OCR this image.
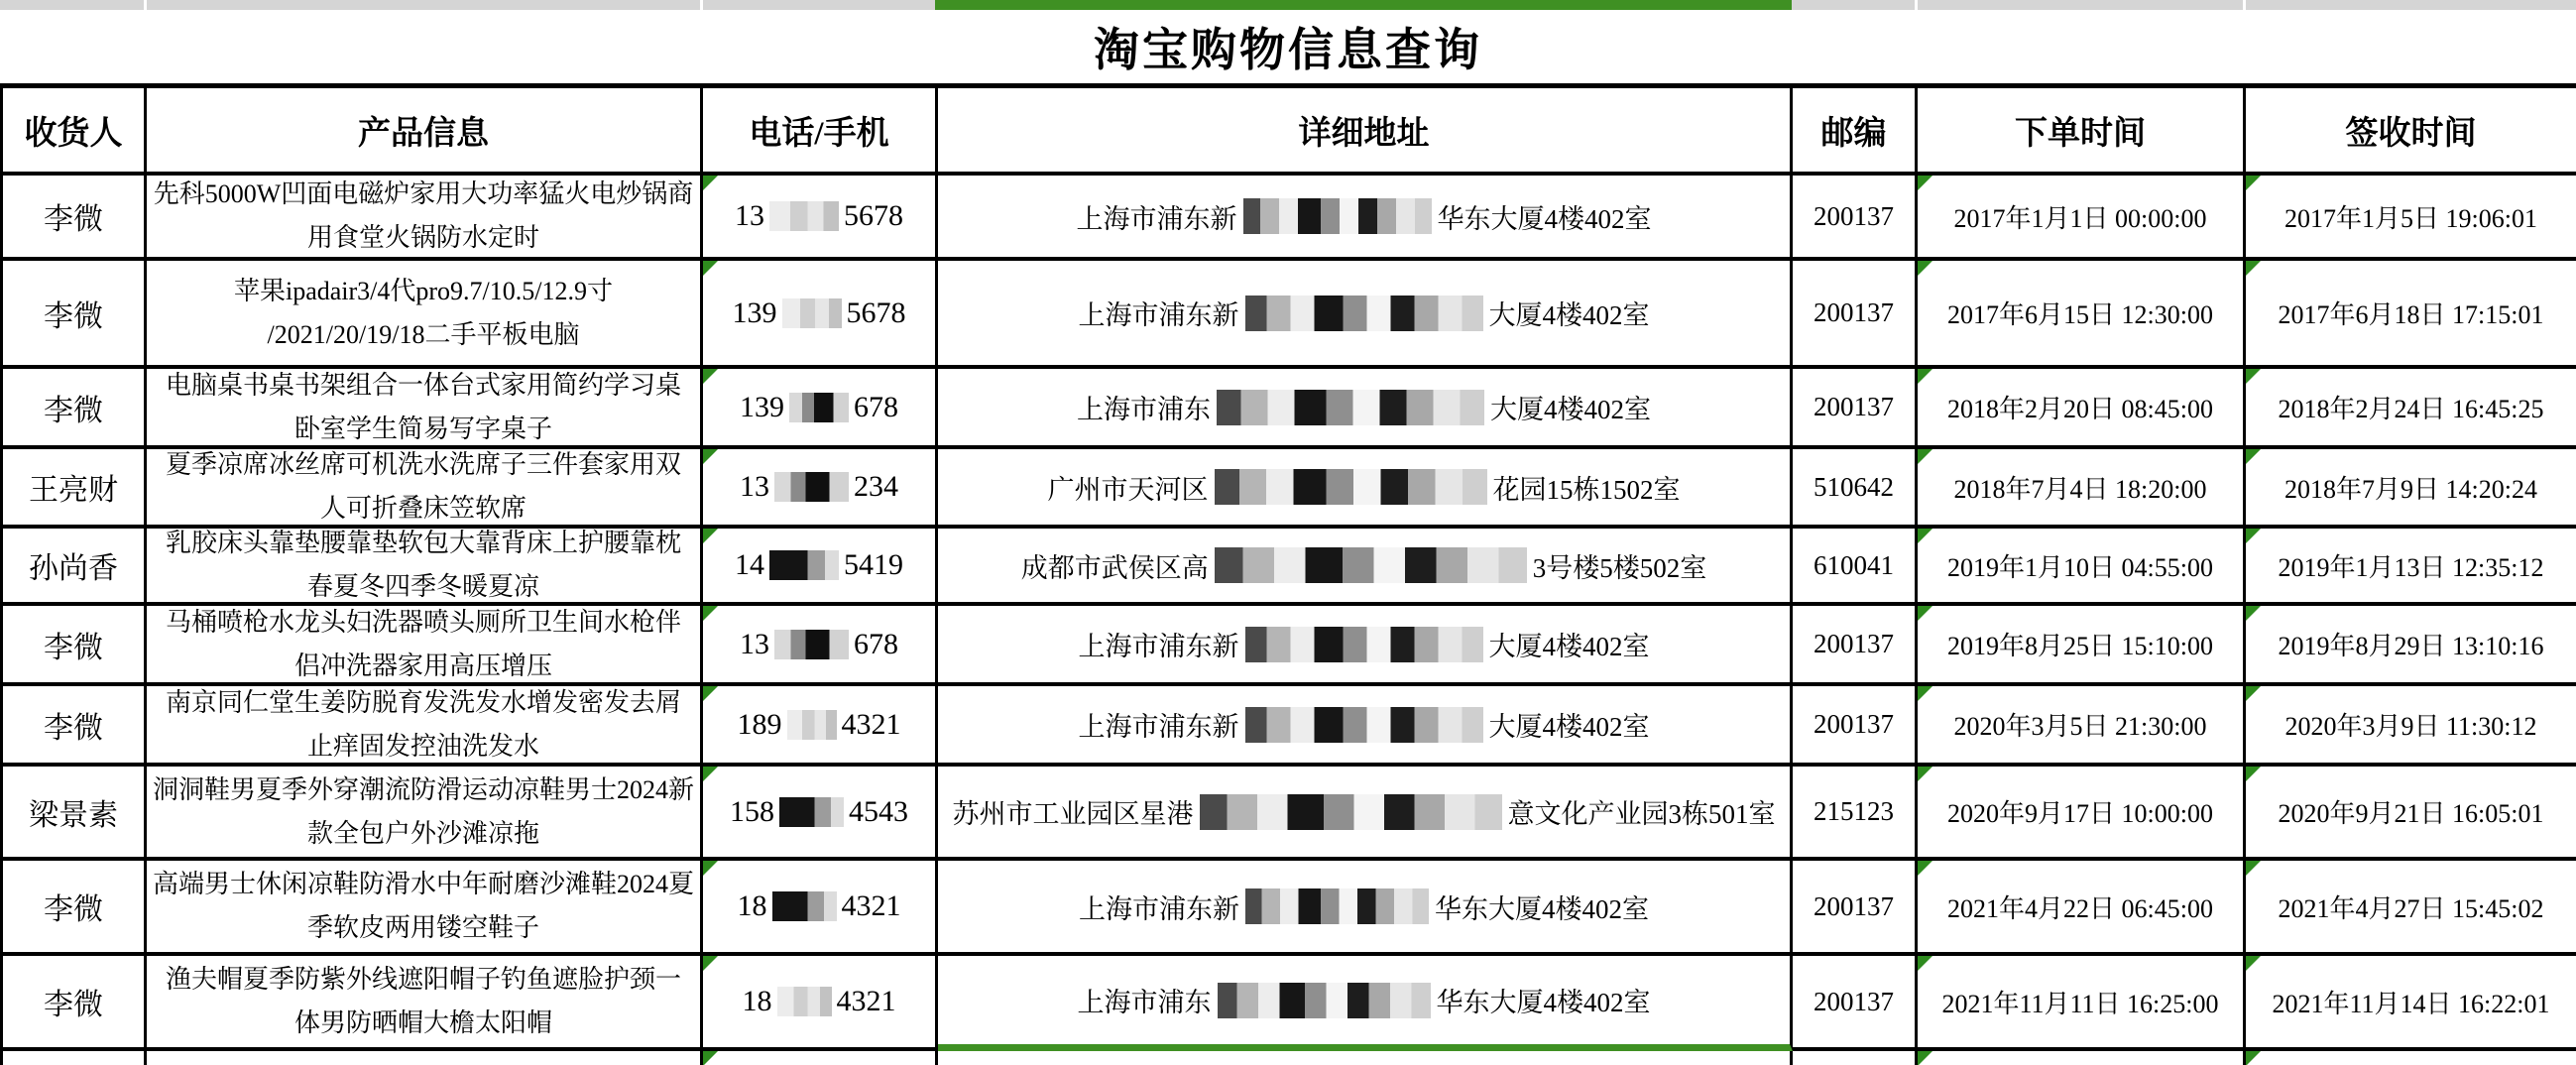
淘宝购物信息查询
收货人	产品信息	电话/手机	详细地址	邮编	下单时间	签收时间
李微
先科5000W凹面电磁炉家用大功率猛火电炒锅商
用食堂火锅防水定时
13	5678	上海市浦东新	华东大厦4楼402室	200137 2017年1月1日 00:00:00	2017年1月5日 19:06:01
李微
苹果ipadair3/4代pro9.7/10.5/12.9寸
/2021/20/19/18二手平板电脑
139 5678	上海市浦东新	大厦4楼402室	200137 2017年6月15日 12:30:00	2017年6月18日 17:15:01
李微
电脑桌书桌书架组合一体台式家用简约学习桌
卧室学生简易写字桌子
139 678	上海市浦东	大厦4楼402室	200137 2018年2月20日 08:45:00	2018年2月24日 16:45:25
王亮财
夏季凉席冰丝席可机洗水洗席子三件套家用双
人可折叠床笠软席
13	234	广州市天河区	花园15栋1502室	510642 2018年7月4日 18:20:00	2018年7月9日 14:20:24
孙尚香
乳胶床头靠垫腰靠垫软包大靠背床上护腰靠枕
春夏冬四季冬暖夏凉
14	5419	成都市武侯区高	3号楼5楼502室	610041 2019年1月10日 04:55:00	2019年1月13日 12:35:12
李微
马桶喷枪水龙头妇洗器喷头厕所卫生间水枪伴
侣冲洗器家用高压增压
13	678	上海市浦东新	大厦4楼402室	200137 2019年8月25日 15:10:00	2019年8月29日 13:10:16
李微
南京同仁堂生姜防脱育发洗发水增发密发去屑
止痒固发控油洗发水
189 4321	上海市浦东新	大厦4楼402室	200137 2020年3月5日 21:30:00	2020年3月9日 11:30:12
梁景素
洞洞鞋男夏季外穿潮流防滑运动凉鞋男士2024新
款全包户外沙滩凉拖
158	4543 苏州市工业园区星港	意文化产业园3栋501室 215123 2020年9月17日 10:00:00	2020年9月21日 16:05:01
李微
高端男士休闲凉鞋防滑水中年耐磨沙滩鞋2024夏
季软皮两用镂空鞋子
18	4321	上海市浦东新	华东大厦4楼402室	200137 2021年4月22日 06:45:00	2021年4月27日 15:45:02
李微
渔夫帽夏季防紫外线遮阳帽子钓鱼遮脸护颈一
体男防晒帽大檐太阳帽
18 4321	上海市浦东	华东大厦4楼402室	200137 2021年11月11日 16:25:00 2021年11月14日 16:22:01
